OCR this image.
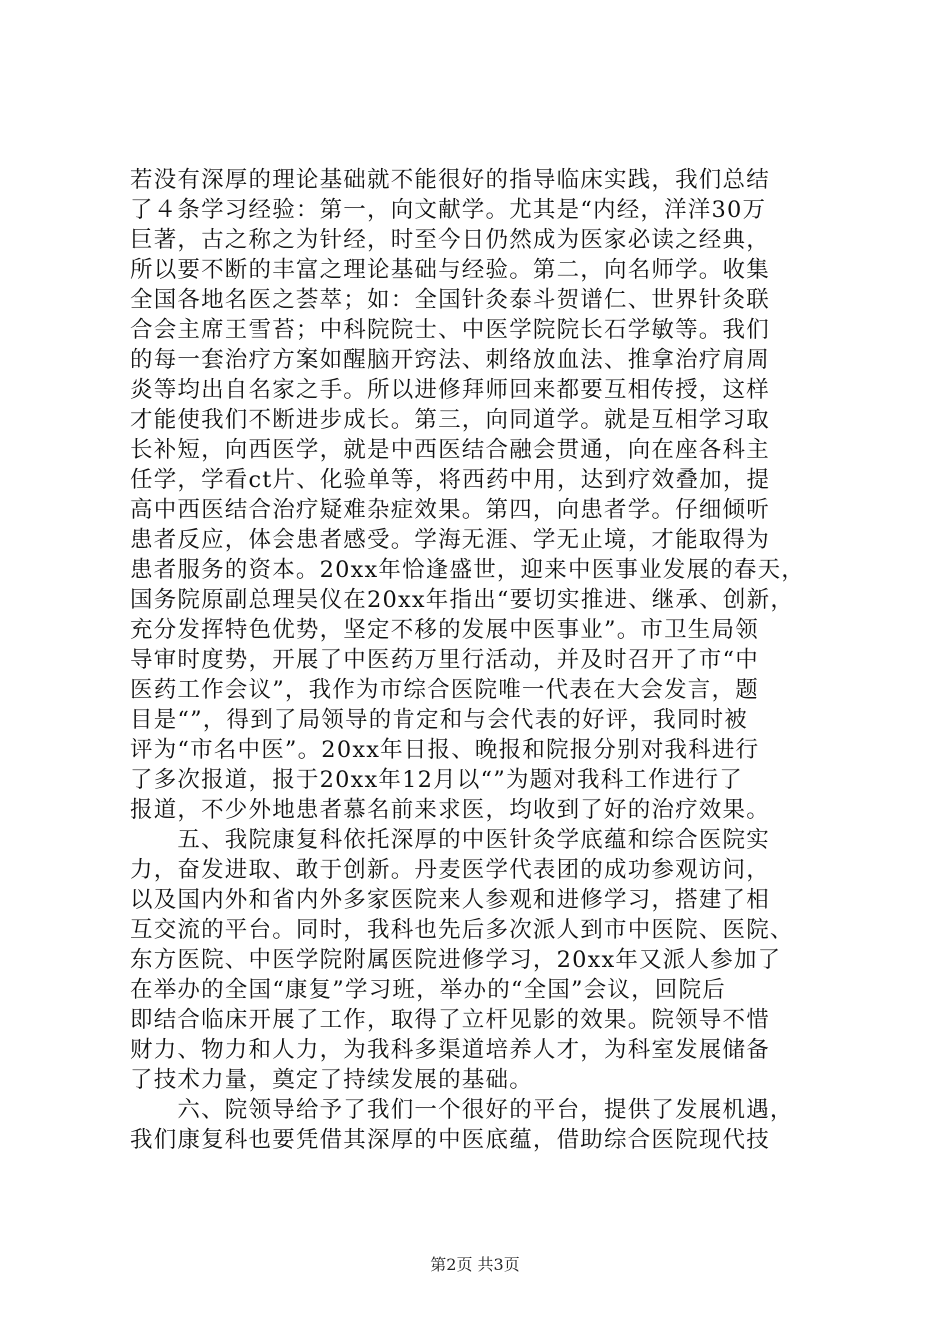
若没有深厚的理论基础就不能很好的指导临床实践，我们总结
了４条学习经验：第一，向文献学。尤其是“内经，洋洋30万
巨著，古之称之为针经，时至今日仍然成为医家必读之经典，
所以要不断的丰富之理论基础与经验。第二，向名师学。收集
全国各地名医之荟萃；如：全国针灸泰斗贺谱仁、世界针灸联
合会主席王雪苔；中科院院士、中医学院院长石学敏等。我们
的每一套治疗方案如醒脑开窍法、刺络放血法、推拿治疗肩周
炎等均出自名家之手。所以进修拜师回来都要互相传授，这样
才能使我们不断进步成长。第三，向同道学。就是互相学习取
长补短，向西医学，就是中西医结合融会贯通，向在座各科主
任学，学看ct片、化验单等，将西药中用，达到疗效叠加，提
高中西医结合治疗疑难杂症效果。第四，向患者学。仔细倾听
患者反应，体会患者感受。学海无涯、学无止境，才能取得为
患者服务的资本。20xx年恰逢盛世，迎来中医事业发展的春天，
国务院原副总理吴仪在20xx年指出“要切实推进、继承、创新，
充分发挥特色优势，坚定不移的发展中医事业”。市卫生局领
导审时度势，开展了中医药万里行活动，并及时召开了市“中
医药工作会议”，我作为市综合医院唯一代表在大会发言，题
目是“”，得到了局领导的肯定和与会代表的好评，我同时被
评为“市名中医”。20xx年日报、晚报和院报分别对我科进行
了多次报道，报于20xx年12月以“”为题对我科工作进行了
报道，不少外地患者慕名前来求医，均收到了好的治疗效果。
　　五、我院康复科依托深厚的中医针灸学底蕴和综合医院实
力，奋发进取、敢于创新。丹麦医学代表团的成功参观访问，
以及国内外和省内外多家医院来人参观和进修学习，搭建了相
互交流的平台。同时，我科也先后多次派人到市中医院、医院、
东方医院、中医学院附属医院进修学习，20xx年又派人参加了
在举办的全国“康复”学习班，举办的“全国”会议，回院后
即结合临床开展了工作，取得了立杆见影的效果。院领导不惜
财力、物力和人力，为我科多渠道培养人才，为科室发展储备
了技术力量，奠定了持续发展的基础。
　　六、院领导给予了我们一个很好的平台，提供了发展机遇，
我们康复科也要凭借其深厚的中医底蕴，借助综合医院现代技
第2页 共3页
